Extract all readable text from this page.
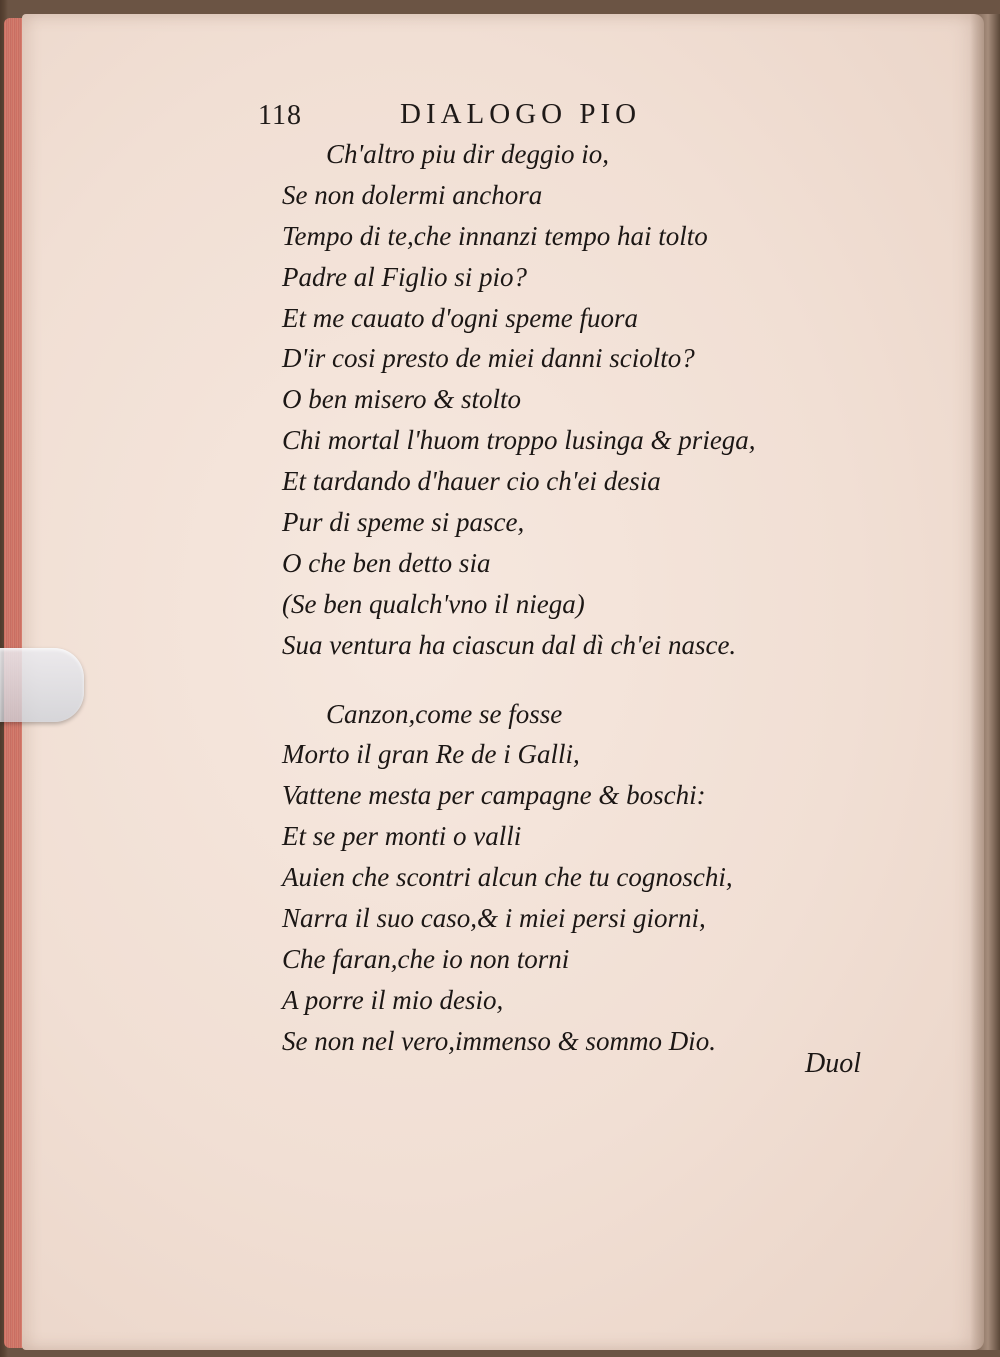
118	DIALOGO PIO
Ch'altro piu dir deggio io,
Se non dolermi anchora
Tempo di te,che innanzi tempo hai tolto
Padre al Figlio si pio?
Et me cauato d'ogni speme fuora
D'ir cosi presto de miei danni sciolto?
O ben misero & stolto
Chi mortal l'huom troppo lusinga & priega,
Et tardando d'hauer cio ch'ei desia
Pur di speme si pasce,
O che ben detto sia
(Se ben qualch'vno il niega)
Sua ventura ha ciascun dal dì ch'ei nasce.
Canzon,come se fosse
Morto il gran Re de i Galli,
Vattene mesta per campagne & boschi:
Et se per monti o valli
Auien che scontri alcun che tu cognoschi,
Narra il suo caso,& i miei persi giorni,
Che faran,che io non torni
A porre il mio desio,
Se non nel vero,immenso & sommo Dio.
Duol
